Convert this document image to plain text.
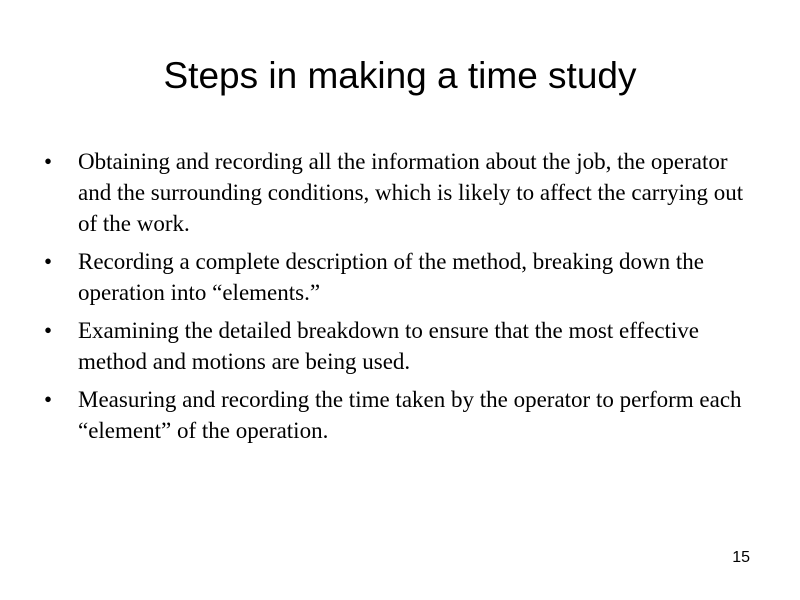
Steps in making a time study
• Obtaining and recording all the information about the job, the operator and the surrounding conditions, which is likely to affect the carrying out of the work.
• Recording a complete description of the method, breaking down the operation into “elements.”
• Examining the detailed breakdown to ensure that the most effective method and motions are being used.
• Measuring and recording the time taken by the operator to perform each “element” of the operation.
15
